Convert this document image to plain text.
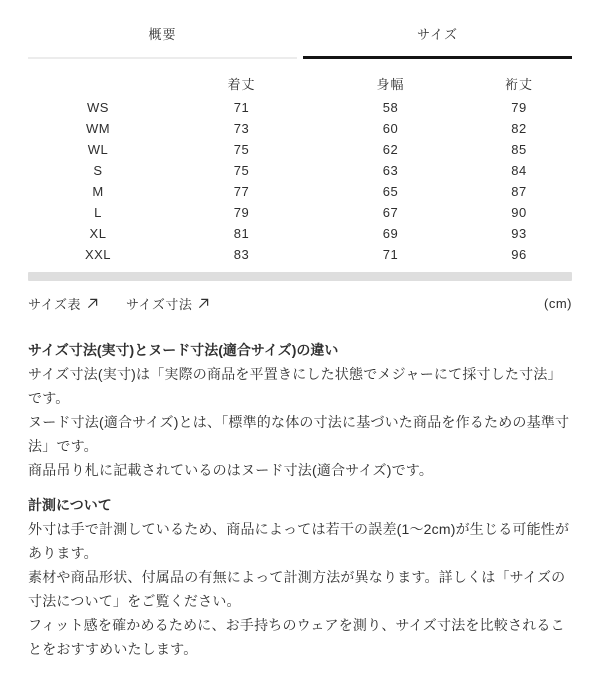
概要	サイズ
	着丈	身幅	裄丈
WS	71	58	79
WM	73	60	82
WL	75	62	85
S	75	63	84
M	77	65	87
L	79	67	90
XL	81	69	93
XXL	83	71	96
サイズ表	サイズ寸法	(cm)
サイズ寸法(実寸)とヌード寸法(適合サイズ)の違い

サイズ寸法(実寸)は「実際の商品を平置きにした状態でメジャーにて採寸した寸法」です。

ヌード寸法(適合サイズ)とは、「標準的な体の寸法に基づいた商品を作るための基準寸法」です。

商品吊り札に記載されているのはヌード寸法(適合サイズ)です。

計測について

外寸は手で計測しているため、商品によっては若干の誤差(1〜2cm)が生じる可能性があります。

素材や商品形状、付属品の有無によって計測方法が異なります。詳しくは「サイズの寸法について」をご覧ください。

フィット感を確かめるために、お手持ちのウェアを測り、サイズ寸法を比較されることをおすすめいたします。
